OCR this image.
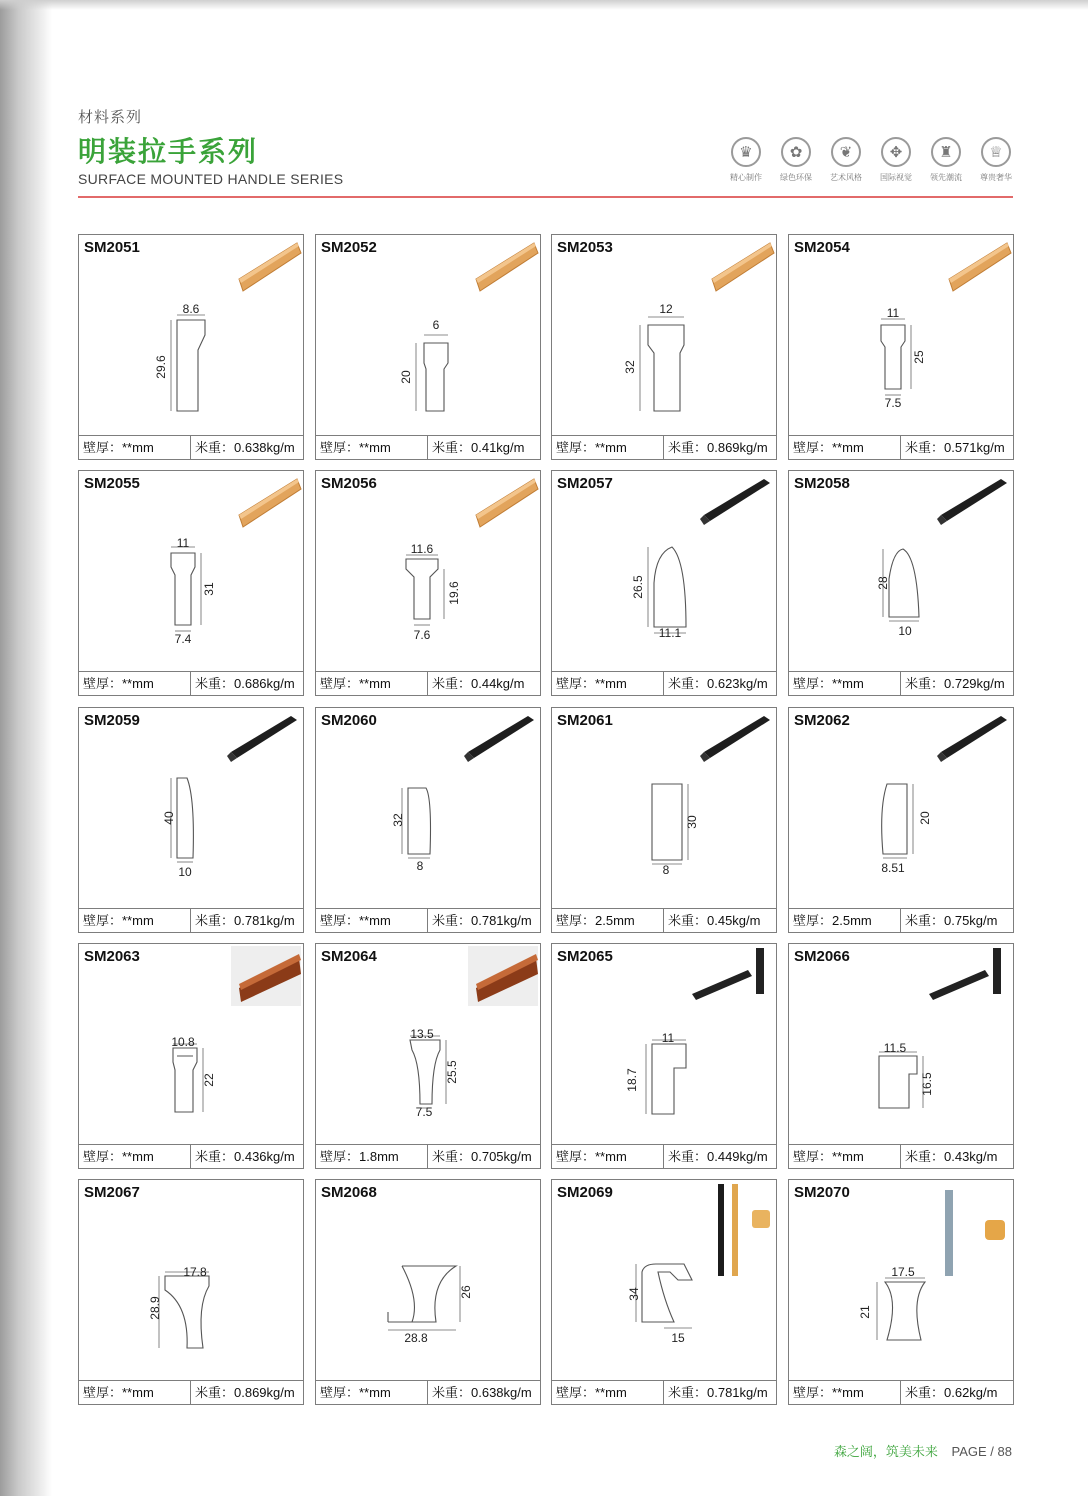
材料系列
明装拉手系列
SURFACE MOUNTED HANDLE SERIES
♛
精心制作
✿
绿色环保
❦
艺术风格
✥
国际视觉
♜
领先潮流
♕
尊贵奢华
8.6
29.6
SM2051
壁厚：**mm	米重：0.638kg/m
6
20
SM2052
壁厚：**mm	米重：0.41kg/m
12
32
SM2053
壁厚：**mm	米重：0.869kg/m
11
25
7.5
SM2054
壁厚：**mm	米重：0.571kg/m
11
31
7.4
SM2055
壁厚：**mm	米重：0.686kg/m
11.6
19.6
7.6
SM2056
壁厚：**mm	米重：0.44kg/m
26.5
11.1
SM2057
壁厚：**mm	米重：0.623kg/m
28
10
SM2058
壁厚：**mm	米重：0.729kg/m
40
10
SM2059
壁厚：**mm	米重：0.781kg/m
32
8
SM2060
壁厚：**mm	米重：0.781kg/m
30
8
SM2061
壁厚：2.5mm	米重：0.45kg/m
20
8.51
SM2062
壁厚：2.5mm	米重：0.75kg/m
10.8
22
SM2063
壁厚：**mm	米重：0.436kg/m
13.5
25.5
7.5
SM2064
壁厚：1.8mm	米重：0.705kg/m
11
18.7
SM2065
壁厚：**mm	米重：0.449kg/m
11.5
16.5
SM2066
壁厚：**mm	米重：0.43kg/m
17.8
28.9
SM2067
壁厚：**mm	米重：0.869kg/m
26
28.8
SM2068
壁厚：**mm	米重：0.638kg/m
34
15
SM2069
壁厚：**mm	米重：0.781kg/m
17.5
21
SM2070
壁厚：**mm	米重：0.62kg/m
森之阔，筑美未来 PAGE / 88
